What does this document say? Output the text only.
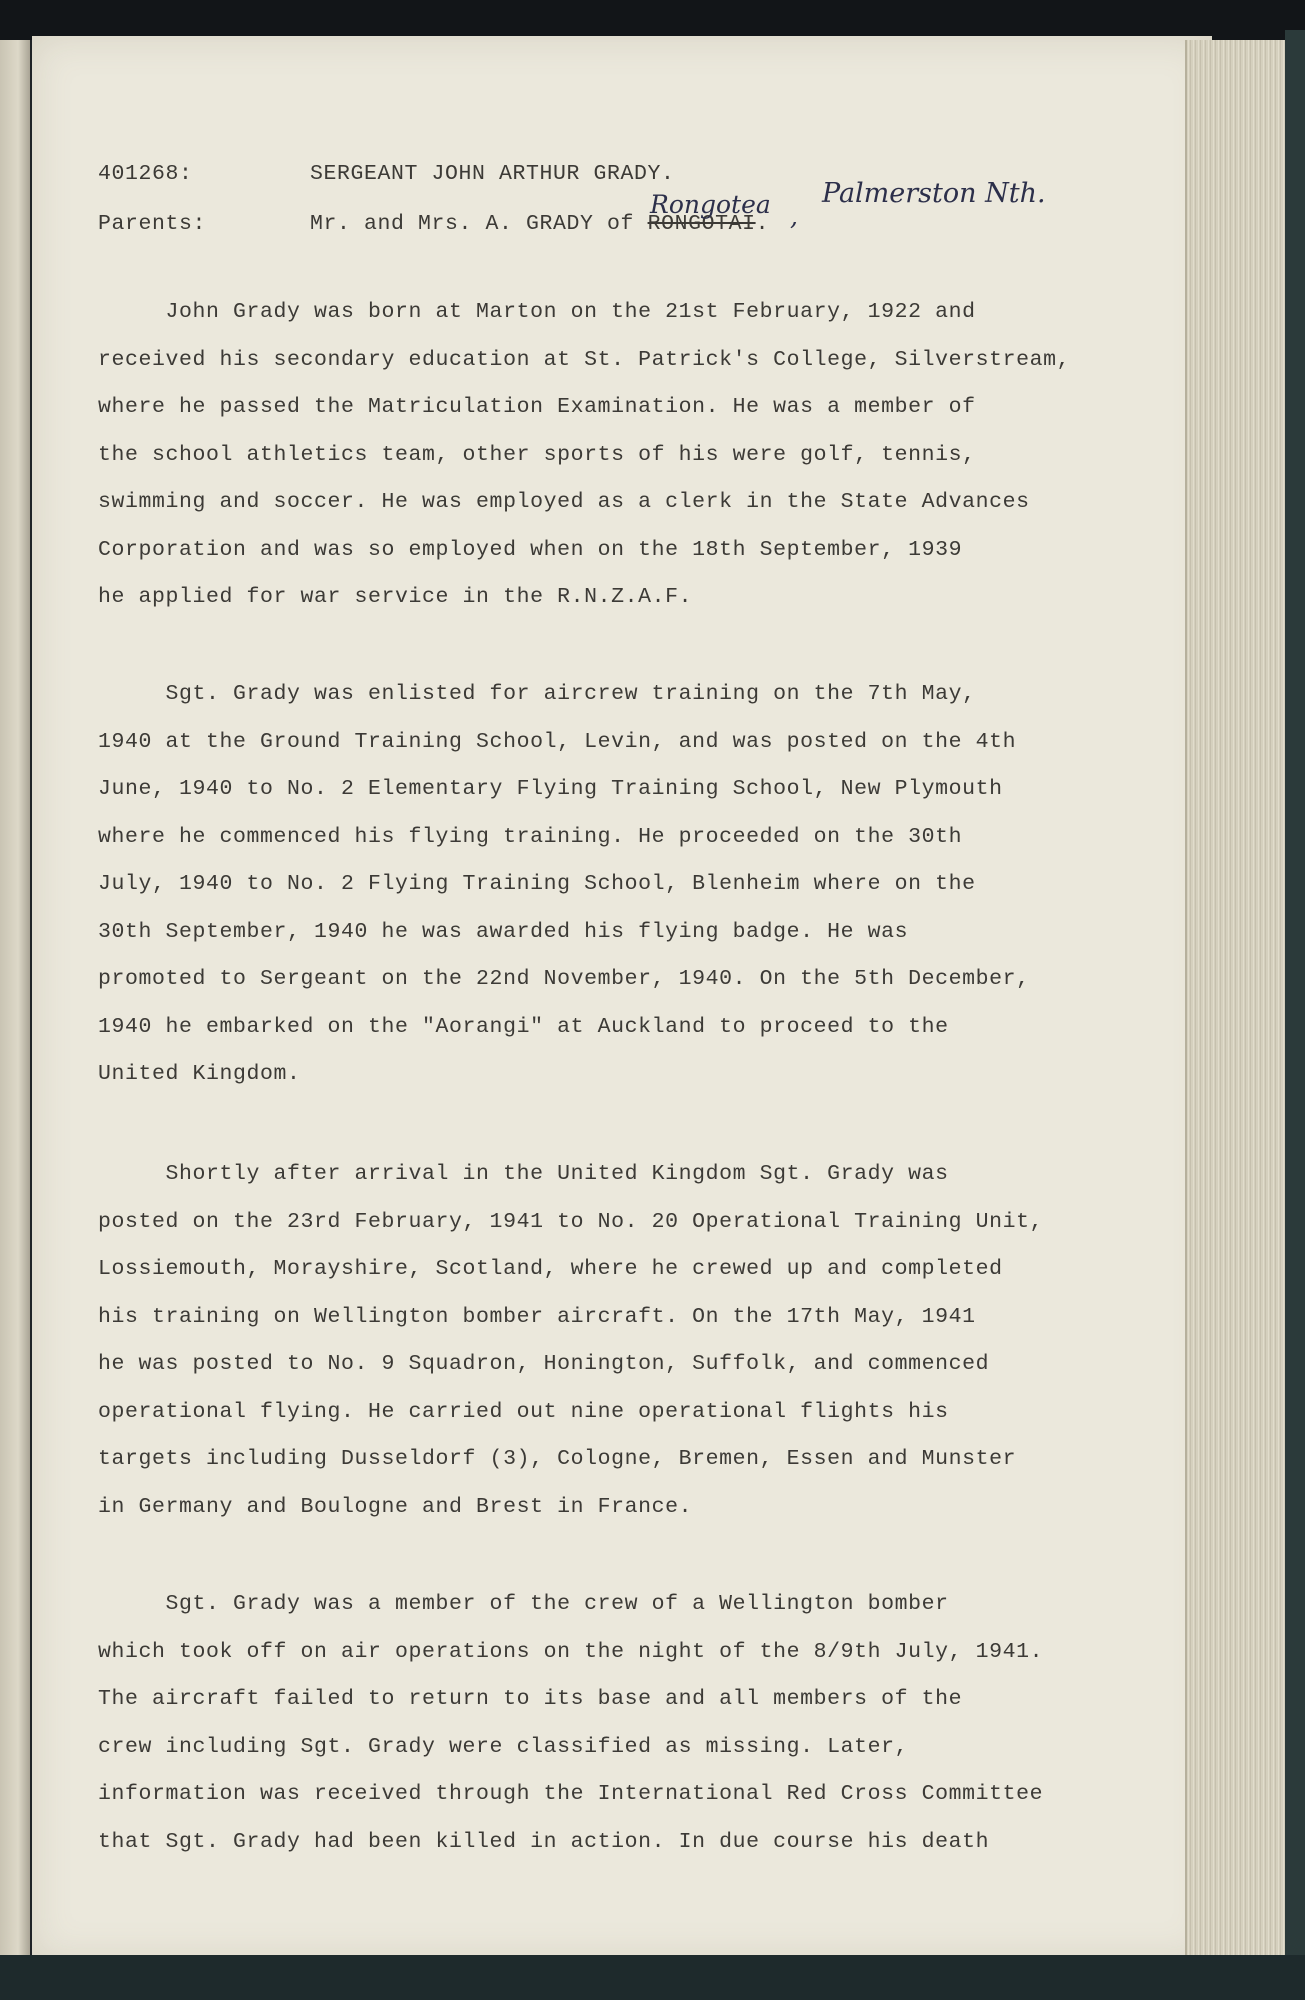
401268:	SERGEANT JOHN ARTHUR GRADY.
Parents:	Mr. and Mrs. A. GRADY of RONGOTAI.
Rongotea ,
Palmerston Nth.
John Grady was born at Marton on the 21st February, 1922 and
received his secondary education at St. Patrick's College, Silverstream,
where he passed the Matriculation Examination. He was a member of
the school athletics team, other sports of his were golf, tennis,
swimming and soccer. He was employed as a clerk in the State Advances
Corporation and was so employed when on the 18th September, 1939
he applied for war service in the R.N.Z.A.F.
Sgt. Grady was enlisted for aircrew training on the 7th May,
1940 at the Ground Training School, Levin, and was posted on the 4th
June, 1940 to No. 2 Elementary Flying Training School, New Plymouth
where he commenced his flying training. He proceeded on the 30th
July, 1940 to No. 2 Flying Training School, Blenheim where on the
30th September, 1940 he was awarded his flying badge. He was
promoted to Sergeant on the 22nd November, 1940. On the 5th December,
1940 he embarked on the "Aorangi" at Auckland to proceed to the
United Kingdom.
Shortly after arrival in the United Kingdom Sgt. Grady was
posted on the 23rd February, 1941 to No. 20 Operational Training Unit,
Lossiemouth, Morayshire, Scotland, where he crewed up and completed
his training on Wellington bomber aircraft. On the 17th May, 1941
he was posted to No. 9 Squadron, Honington, Suffolk, and commenced
operational flying. He carried out nine operational flights his
targets including Dusseldorf (3), Cologne, Bremen, Essen and Munster
in Germany and Boulogne and Brest in France.
Sgt. Grady was a member of the crew of a Wellington bomber
which took off on air operations on the night of the 8/9th July, 1941.
The aircraft failed to return to its base and all members of the
crew including Sgt. Grady were classified as missing. Later,
information was received through the International Red Cross Committee
that Sgt. Grady had been killed in action. In due course his death
